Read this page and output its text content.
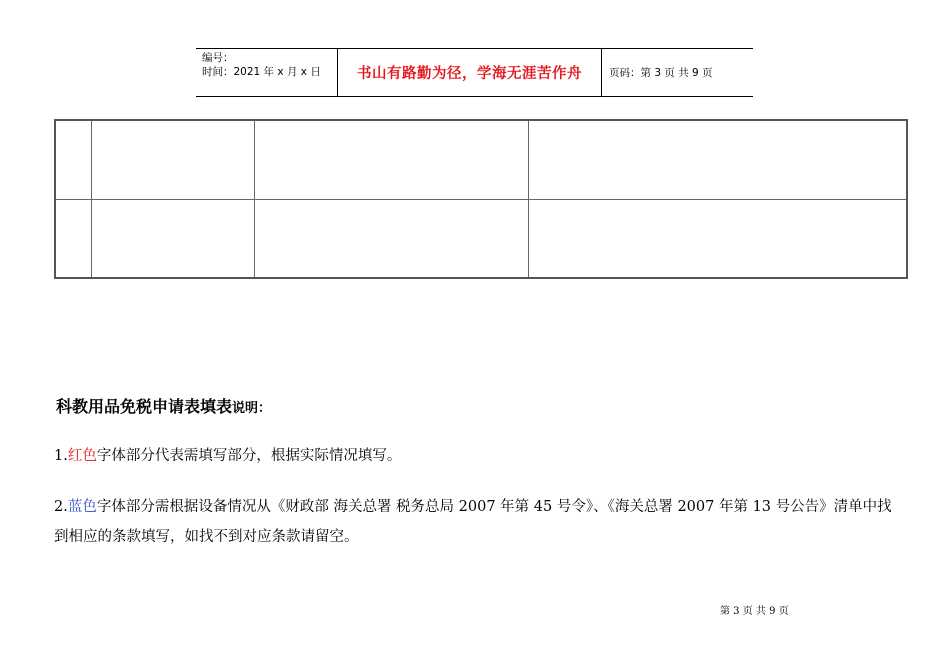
编号：
时间：2021 年 x 月 x 日	书山有路勤为径，学海无涯苦作舟	页码：第 3 页 共 9 页

科教用品免税申请表填表说明：

1.红色字体部分代表需填写部分，根据实际情况填写。

2.蓝色字体部分需根据设备情况从《财政部 海关总署 税务总局 2007 年第 45 号令》、《海关总署 2007 年第 13 号公告》清单中找到相应的条款填写，如找不到对应条款请留空。

第 3 页 共 9 页
